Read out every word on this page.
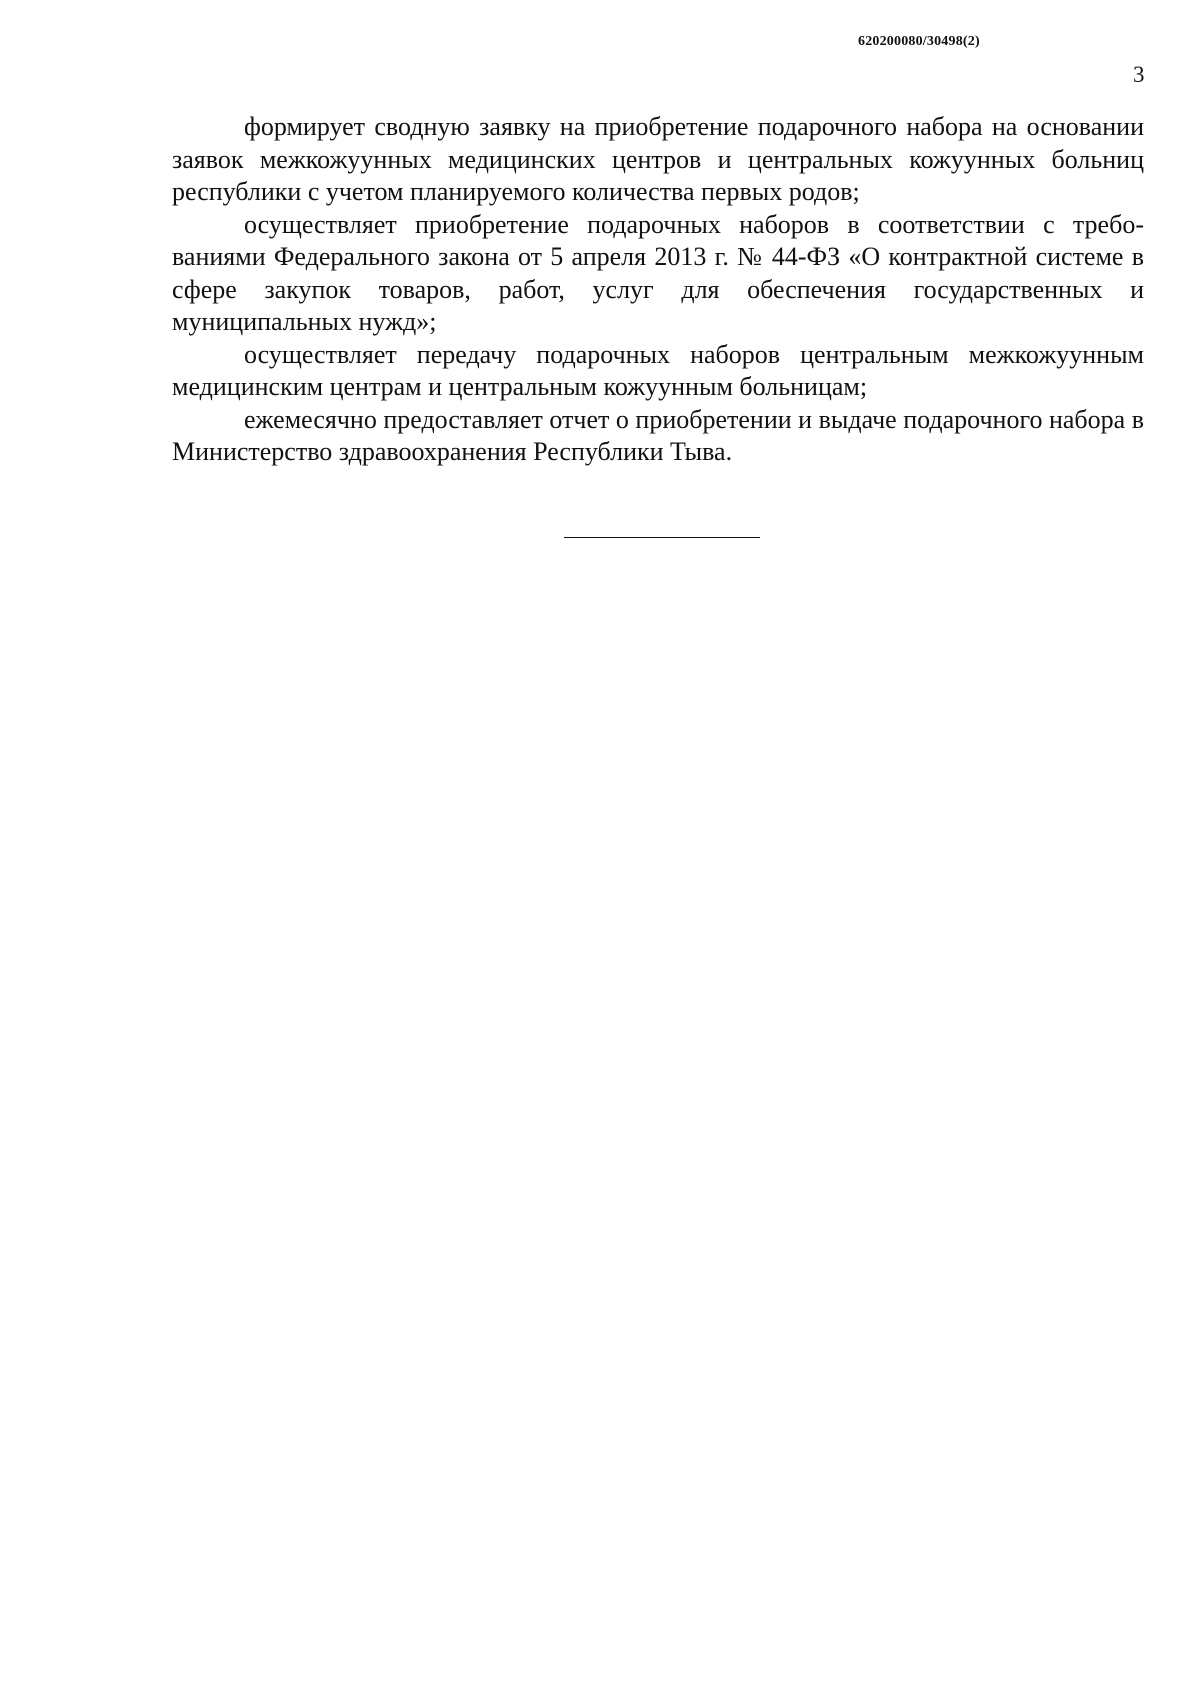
620200080/30498(2)
3

формирует сводную заявку на приобретение подарочного набора на основании заявок межкожуунных медицинских центров и центральных кожуунных больниц республики с учетом планируемого количества первых родов;

осуществляет приобретение подарочных наборов в соответствии с требованиями Федерального закона от 5 апреля 2013 г. № 44-ФЗ «О контрактной системе в сфере закупок товаров, работ, услуг для обеспечения государственных и муниципальных нужд»;

осуществляет передачу подарочных наборов центральным межкожуунным медицинским центрам и центральным кожуунным больницам;

ежемесячно предоставляет отчет о приобретении и выдаче подарочного набора в Министерство здравоохранения Республики Тыва.
